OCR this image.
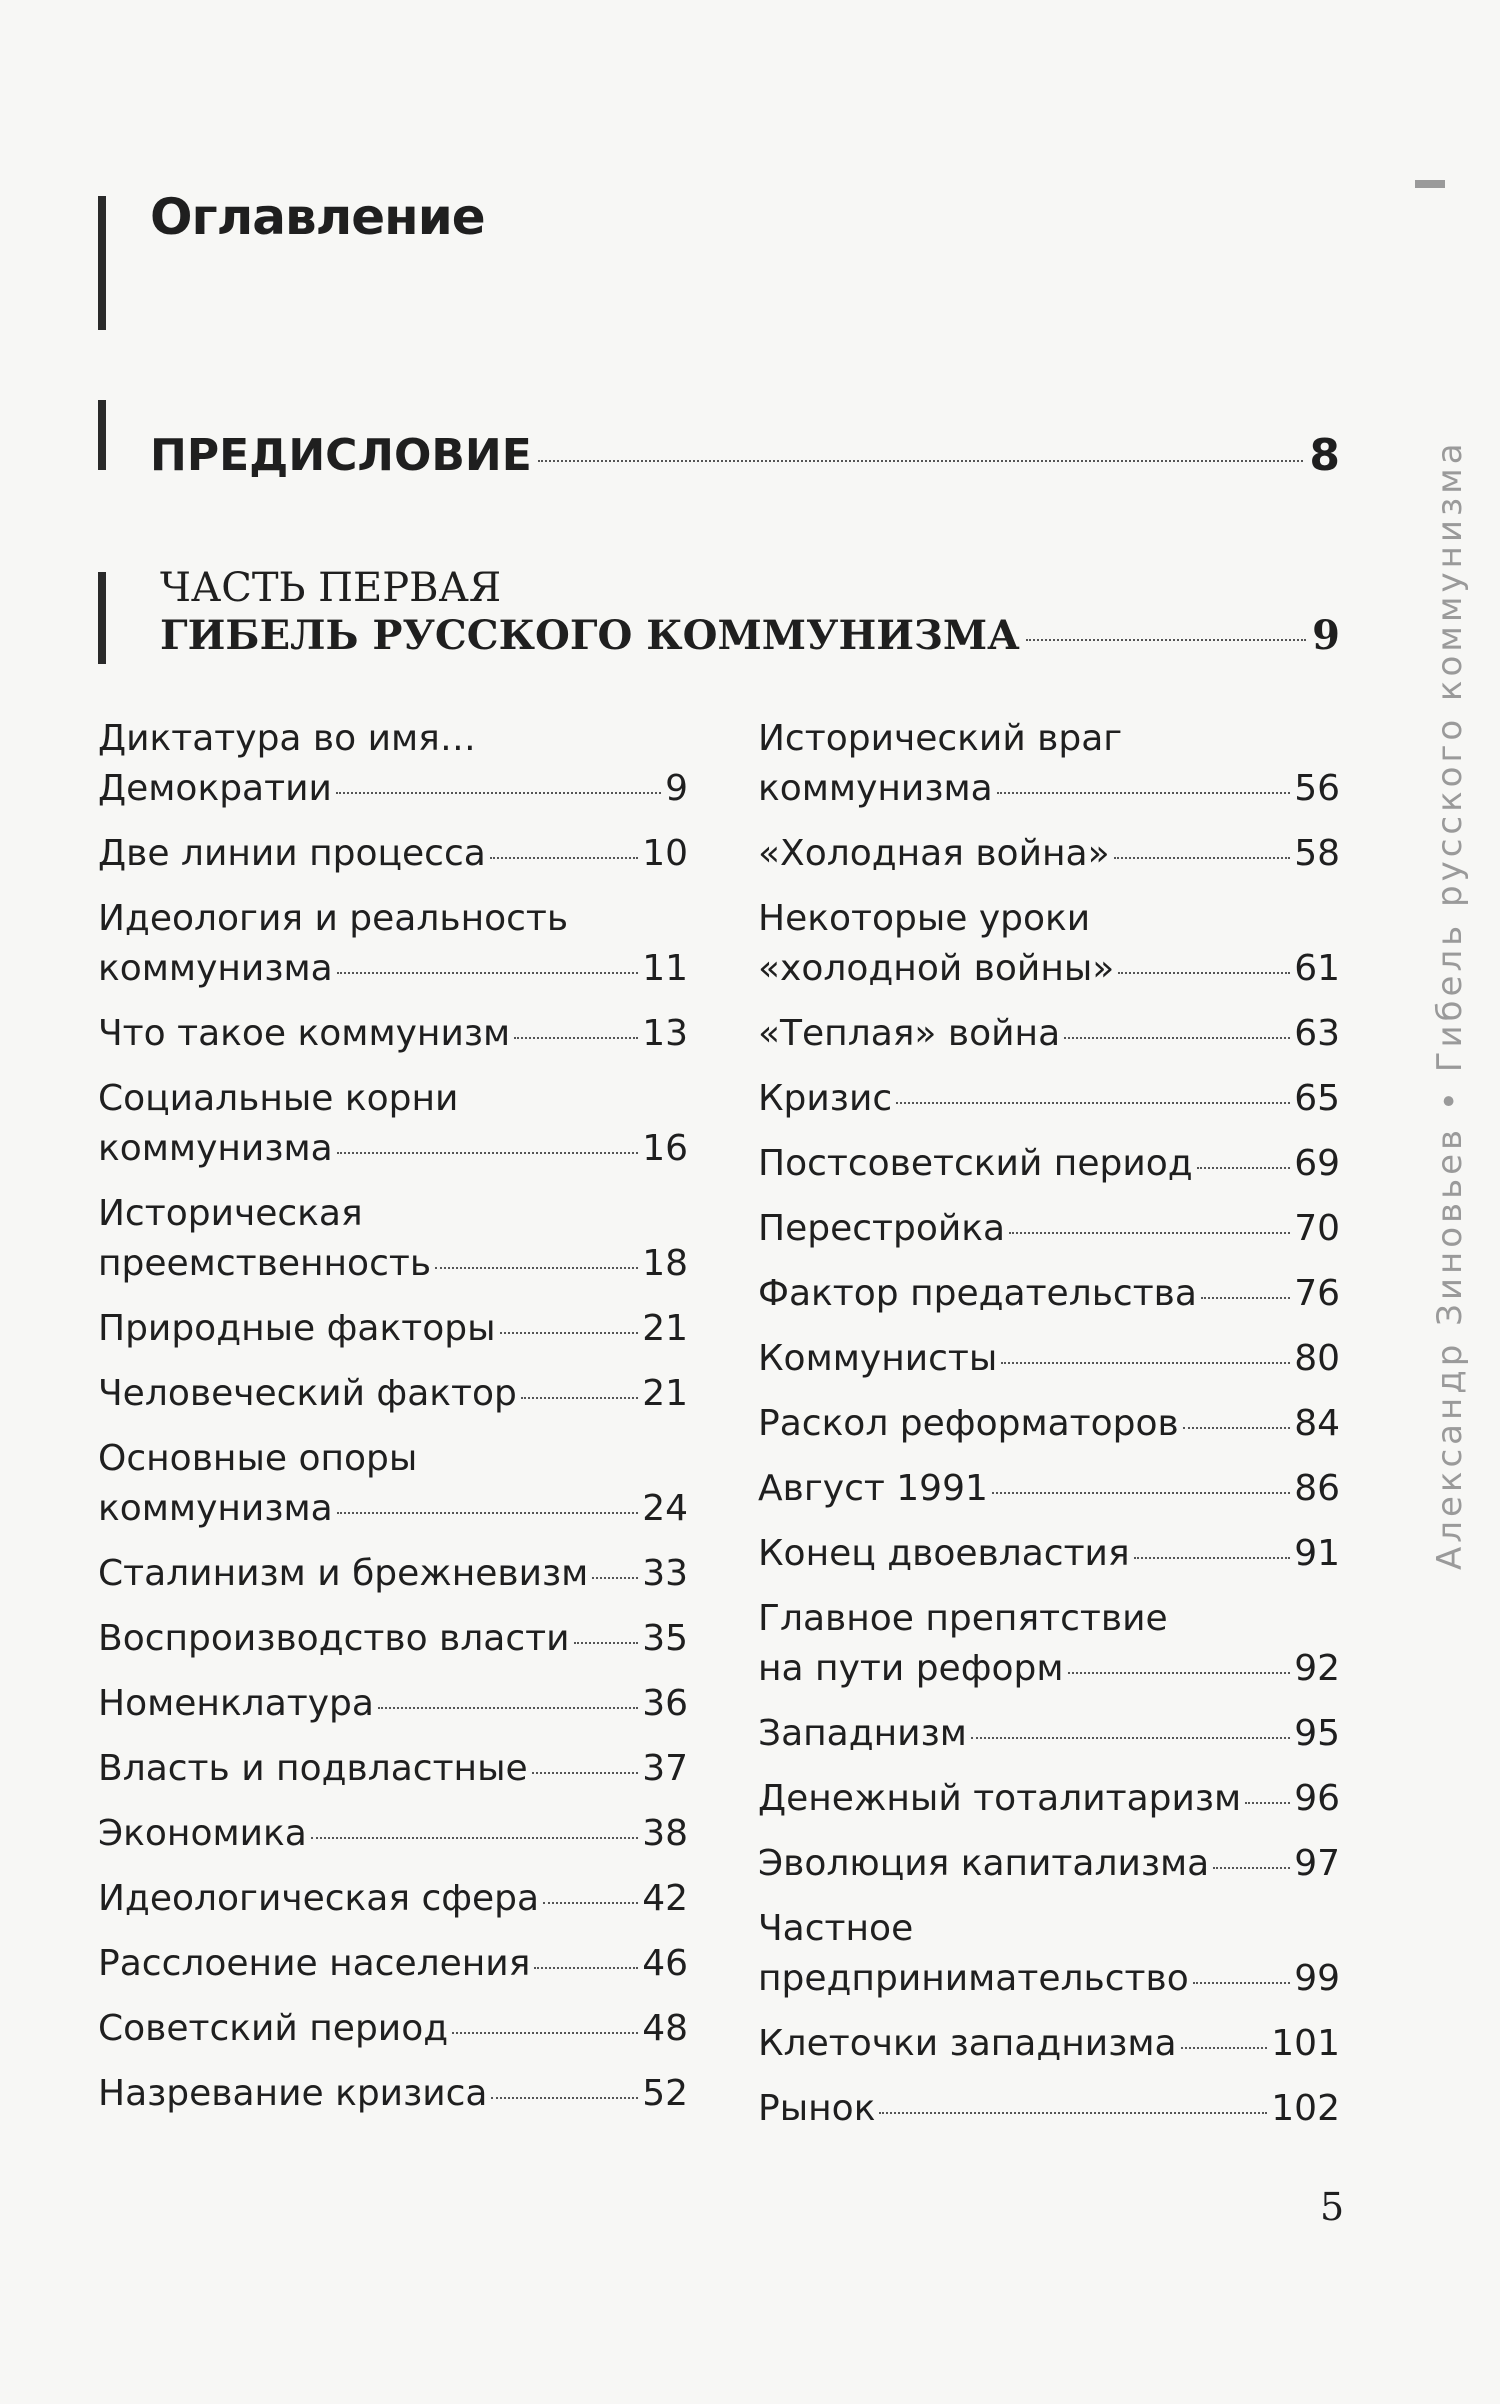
Оглавление
ПРЕДИСЛОВИЕ	8
ЧАСТЬ ПЕРВАЯ
ГИБЕЛЬ РУССКОГО КОММУНИЗМА	9
Диктатура во имя…
Демократии	9
Две линии процесса	10
Идеология и реальность
коммунизма	11
Что такое коммунизм	13
Социальные корни
коммунизма	16
Историческая
преемственность	18
Природные факторы	21
Человеческий фактор	21
Основные опоры
коммунизма	24
Сталинизм и брежневизм 33
Воспроизводство власти 35
Номенклатура	36
Власть и подвластные	37
Экономика	38
Идеологическая сфера	42
Расслоение населения	46
Советский период	48
Назревание кризиса	52
Исторический враг
коммунизма	56
«Холодная война»	58
Некоторые уроки
«холодной войны»	61
«Теплая» война	63
Кризис	65
Постсоветский период	69
Перестройка	70
Фактор предательства	76
Коммунисты	80
Раскол реформаторов	84
Август 1991	86
Конец двоевластия	91
Главное препятствие
на пути реформ	92
Западнизм	95
Денежный тоталитаризм 96
Эволюция капитализма 97
Частное
предпринимательство	99
Клеточки западнизма	101
Рынок	102
5
Александр Зиновьев • Гибель русского коммунизма
